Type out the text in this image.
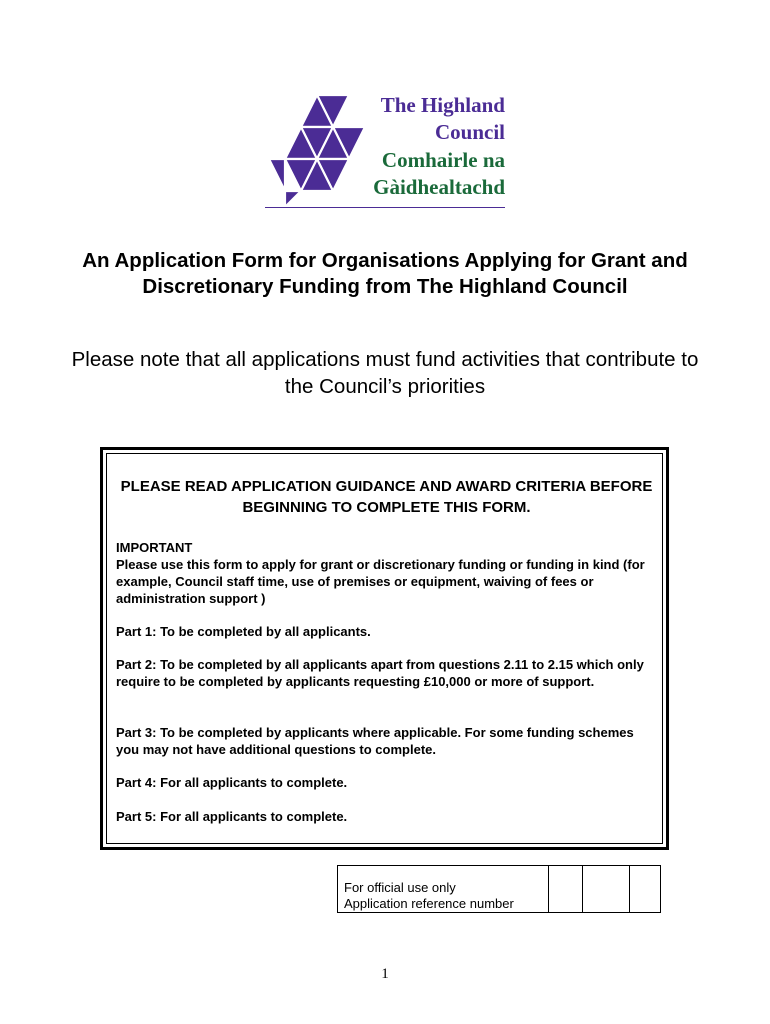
The Highland
Council
Comhairle na
Gàidhealtachd
An Application Form for Organisations Applying for Grant and Discretionary Funding from The Highland Council
Please note that all applications must fund activities that contribute to the Council’s priorities
PLEASE READ APPLICATION GUIDANCE AND AWARD CRITERIA BEFORE BEGINNING TO COMPLETE THIS FORM.
IMPORTANT
Please use this form to apply for grant or discretionary funding or funding in kind (for example, Council staff time, use of premises or equipment, waiving of fees or administration support )
Part 1: To be completed by all applicants.
Part 2: To be completed by all applicants apart from questions 2.11 to 2.15 which only require to be completed by applicants requesting £10,000 or more of support.
Part 3: To be completed by applicants where applicable. For some funding schemes you may not have additional questions to complete.
Part 4: For all applicants to complete.
Part 5: For all applicants to complete.
For official use only
Application reference number
1
